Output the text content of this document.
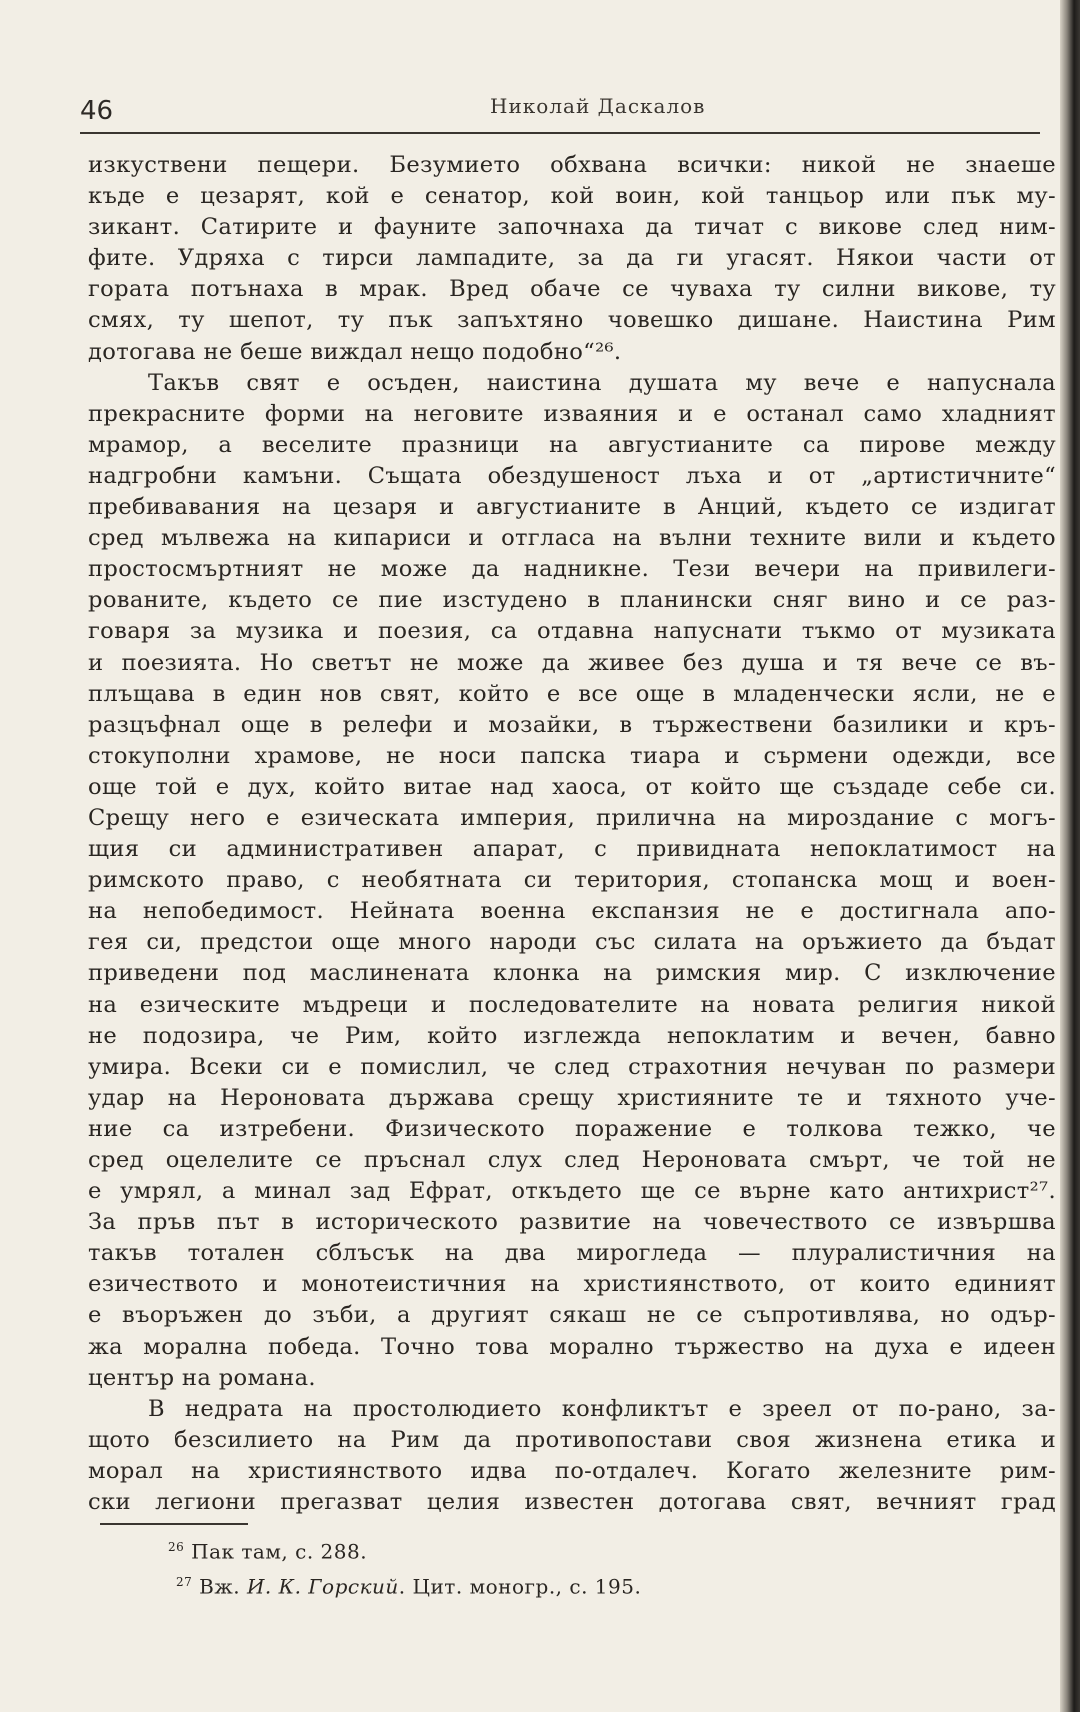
46	Николай Даскалов
изкуствени пещери. Безумието обхвана всички: никой не знаеше
къде е цезарят, кой е сенатор, кой воин, кой танцьор или пък му-
зикант. Сатирите и фауните започнаха да тичат с викове след ним-
фите. Удряха с тирси лампадите, за да ги угасят. Някои части от
гората потънаха в мрак. Вред обаче се чуваха ту силни викове, ту
смях, ту шепот, ту пък запъхтяно човешко дишане. Наистина Рим
дотогава не беше виждал нещо подобно“²⁶.
Такъв свят е осъден, наистина душата му вече е напуснала
прекрасните форми на неговите изваяния и е останал само хладният
мрамор, а веселите празници на августианите са пирове между
надгробни камъни. Същата обездушеност лъха и от „артистичните“
пребивавания на цезаря и августианите в Анций, където се издигат
сред мълвежа на кипариси и отгласа на вълни техните вили и където
простосмъртният не може да надникне. Тези вечери на привилеги-
рованите, където се пие изстудено в планински сняг вино и се раз-
говаря за музика и поезия, са отдавна напуснати тъкмо от музиката
и поезията. Но светът не може да живее без душа и тя вече се въ-
плъщава в един нов свят, който е все още в младенчески ясли, не е
разцъфнал още в релефи и мозайки, в тържествени базилики и кръ-
стокуполни храмове, не носи папска тиара и сърмени одежди, все
още той е дух, който витае над хаоса, от който ще създаде себе си.
Срещу него е езическата империя, прилична на мироздание с могъ-
щия си административен апарат, с привидната непоклатимост на
римското право, с необятната си територия, стопанска мощ и воен-
на непобедимост. Нейната военна експанзия не е достигнала апо-
гея си, предстои още много народи със силата на оръжието да бъдат
приведени под маслинената клонка на римския мир. С изключение
на езическите мъдреци и последователите на новата религия никой
не подозира, че Рим, който изглежда непоклатим и вечен, бавно
умира. Всеки си е помислил, че след страхотния нечуван по размери
удар на Нероновата държава срещу християните те и тяхното уче-
ние са изтребени. Физическото поражение е толкова тежко, че
сред оцелелите се пръснал слух след Нероновата смърт, че той не
е умрял, а минал зад Ефрат, откъдето ще се върне като антихрист²⁷.
За пръв път в историческото развитие на човечеството се извършва
такъв тотален сблъсък на два мирогледа — плуралистичния на
езичеството и монотеистичния на християнството, от които единият
е въоръжен до зъби, а другият сякаш не се съпротивлява, но одър-
жа морална победа. Точно това морално тържество на духа е идеен
център на романа.
В недрата на простолюдието конфликтът е зреел от по-рано, за-
щото безсилието на Рим да противопостави своя жизнена етика и
морал на християнството идва по-отдалеч. Когато железните рим-
ски легиони прегазват целия известен дотогава свят, вечният град
$^{26}$ Пак там, с. 288.
$^{27}$ Вж. И. К. Горский. Цит. моногр., с. 195.
